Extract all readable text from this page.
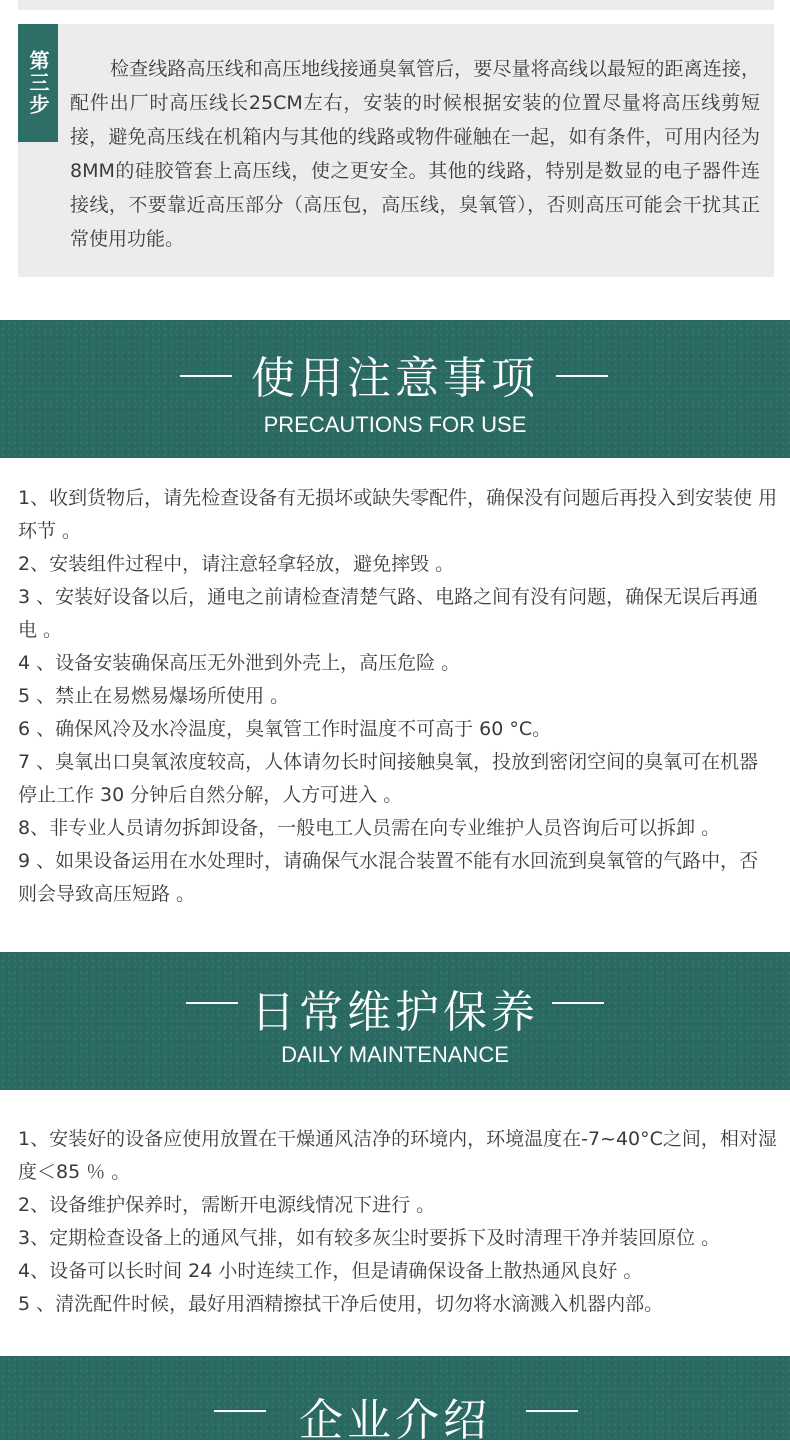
第三步	检查线路高压线和高压地线接通臭氧管后，要尽量将高线以最短的距离连接，配件出厂时高压线长25CM左右，安装的时候根据安装的位置尽量将高压线剪短接，避免高压线在机箱内与其他的线路或物件碰触在一起，如有条件，可用内径为8MM的硅胶管套上高压线，使之更安全。其他的线路，特别是数显的电子器件连接线，不要靠近高压部分（高压包，高压线，臭氧管），否则高压可能会干扰其正常使用功能。

使用注意事项
PRECAUTIONS FOR USE
1、收到货物后，请先检查设备有无损坏或缺失零配件，确保没有问题后再投入到安装使 用环节 。
2、安装组件过程中，请注意轻拿轻放，避免摔毁 。
3 、安装好设备以后，通电之前请检查清楚气路、电路之间有没有问题，确保无误后再通 电 。
4 、设备安装确保高压无外泄到外壳上，高压危险 。
5 、禁止在易燃易爆场所使用 。
6 、确保风冷及水冷温度，臭氧管工作时温度不可高于 60 °C。
7 、臭氧出口臭氧浓度较高，人体请勿长时间接触臭氧，投放到密闭空间的臭氧可在机器 停止工作 30 分钟后自然分解，人方可进入 。
8、非专业人员请勿拆卸设备，一般电工人员需在向专业维护人员咨询后可以拆卸 。
9 、如果设备运用在水处理时，请确保气水混合装置不能有水回流到臭氧管的气路中，否 则会导致高压短路 。
日常维护保养
DAILY MAINTENANCE
1、安装好的设备应使用放置在干燥通风洁净的环境内，环境温度在-7~40°C之间，相对湿 度＜85 ％ 。
2、设备维护保养时，需断开电源线情况下进行 。
3、定期检查设备上的通风气排，如有较多灰尘时要拆下及时清理干净并装回原位 。
4、设备可以长时间 24 小时连续工作，但是请确保设备上散热通风良好 。
5 、清洗配件时候，最好用酒精擦拭干净后使用，切勿将水滴溅入机器内部。
企业介绍
